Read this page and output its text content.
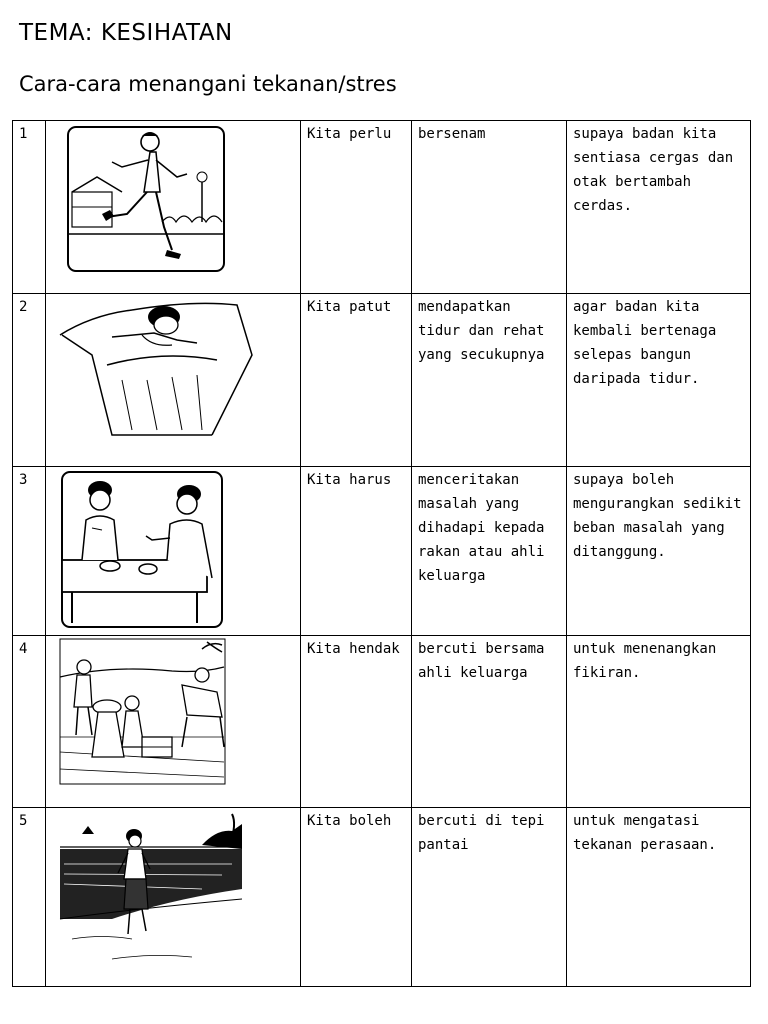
TEMA: KESIHATAN
Cara-cara menangani tekanan/stres
1		Kita perlu	bersenam	supaya badan kita sentiasa cergas dan otak bertambah cerdas.
2		Kita patut	mendapatkan tidur dan rehat yang secukupnya	agar badan kita kembali bertenaga selepas bangun daripada tidur.
3		Kita harus	menceritakan masalah yang dihadapi kepada rakan atau ahli keluarga	supaya boleh mengurangkan sedikit beban masalah yang ditanggung.
4		Kita hendak	bercuti bersama ahli keluarga	untuk menenangkan fikiran.
5		Kita boleh	bercuti di tepi pantai	untuk mengatasi tekanan perasaan.
